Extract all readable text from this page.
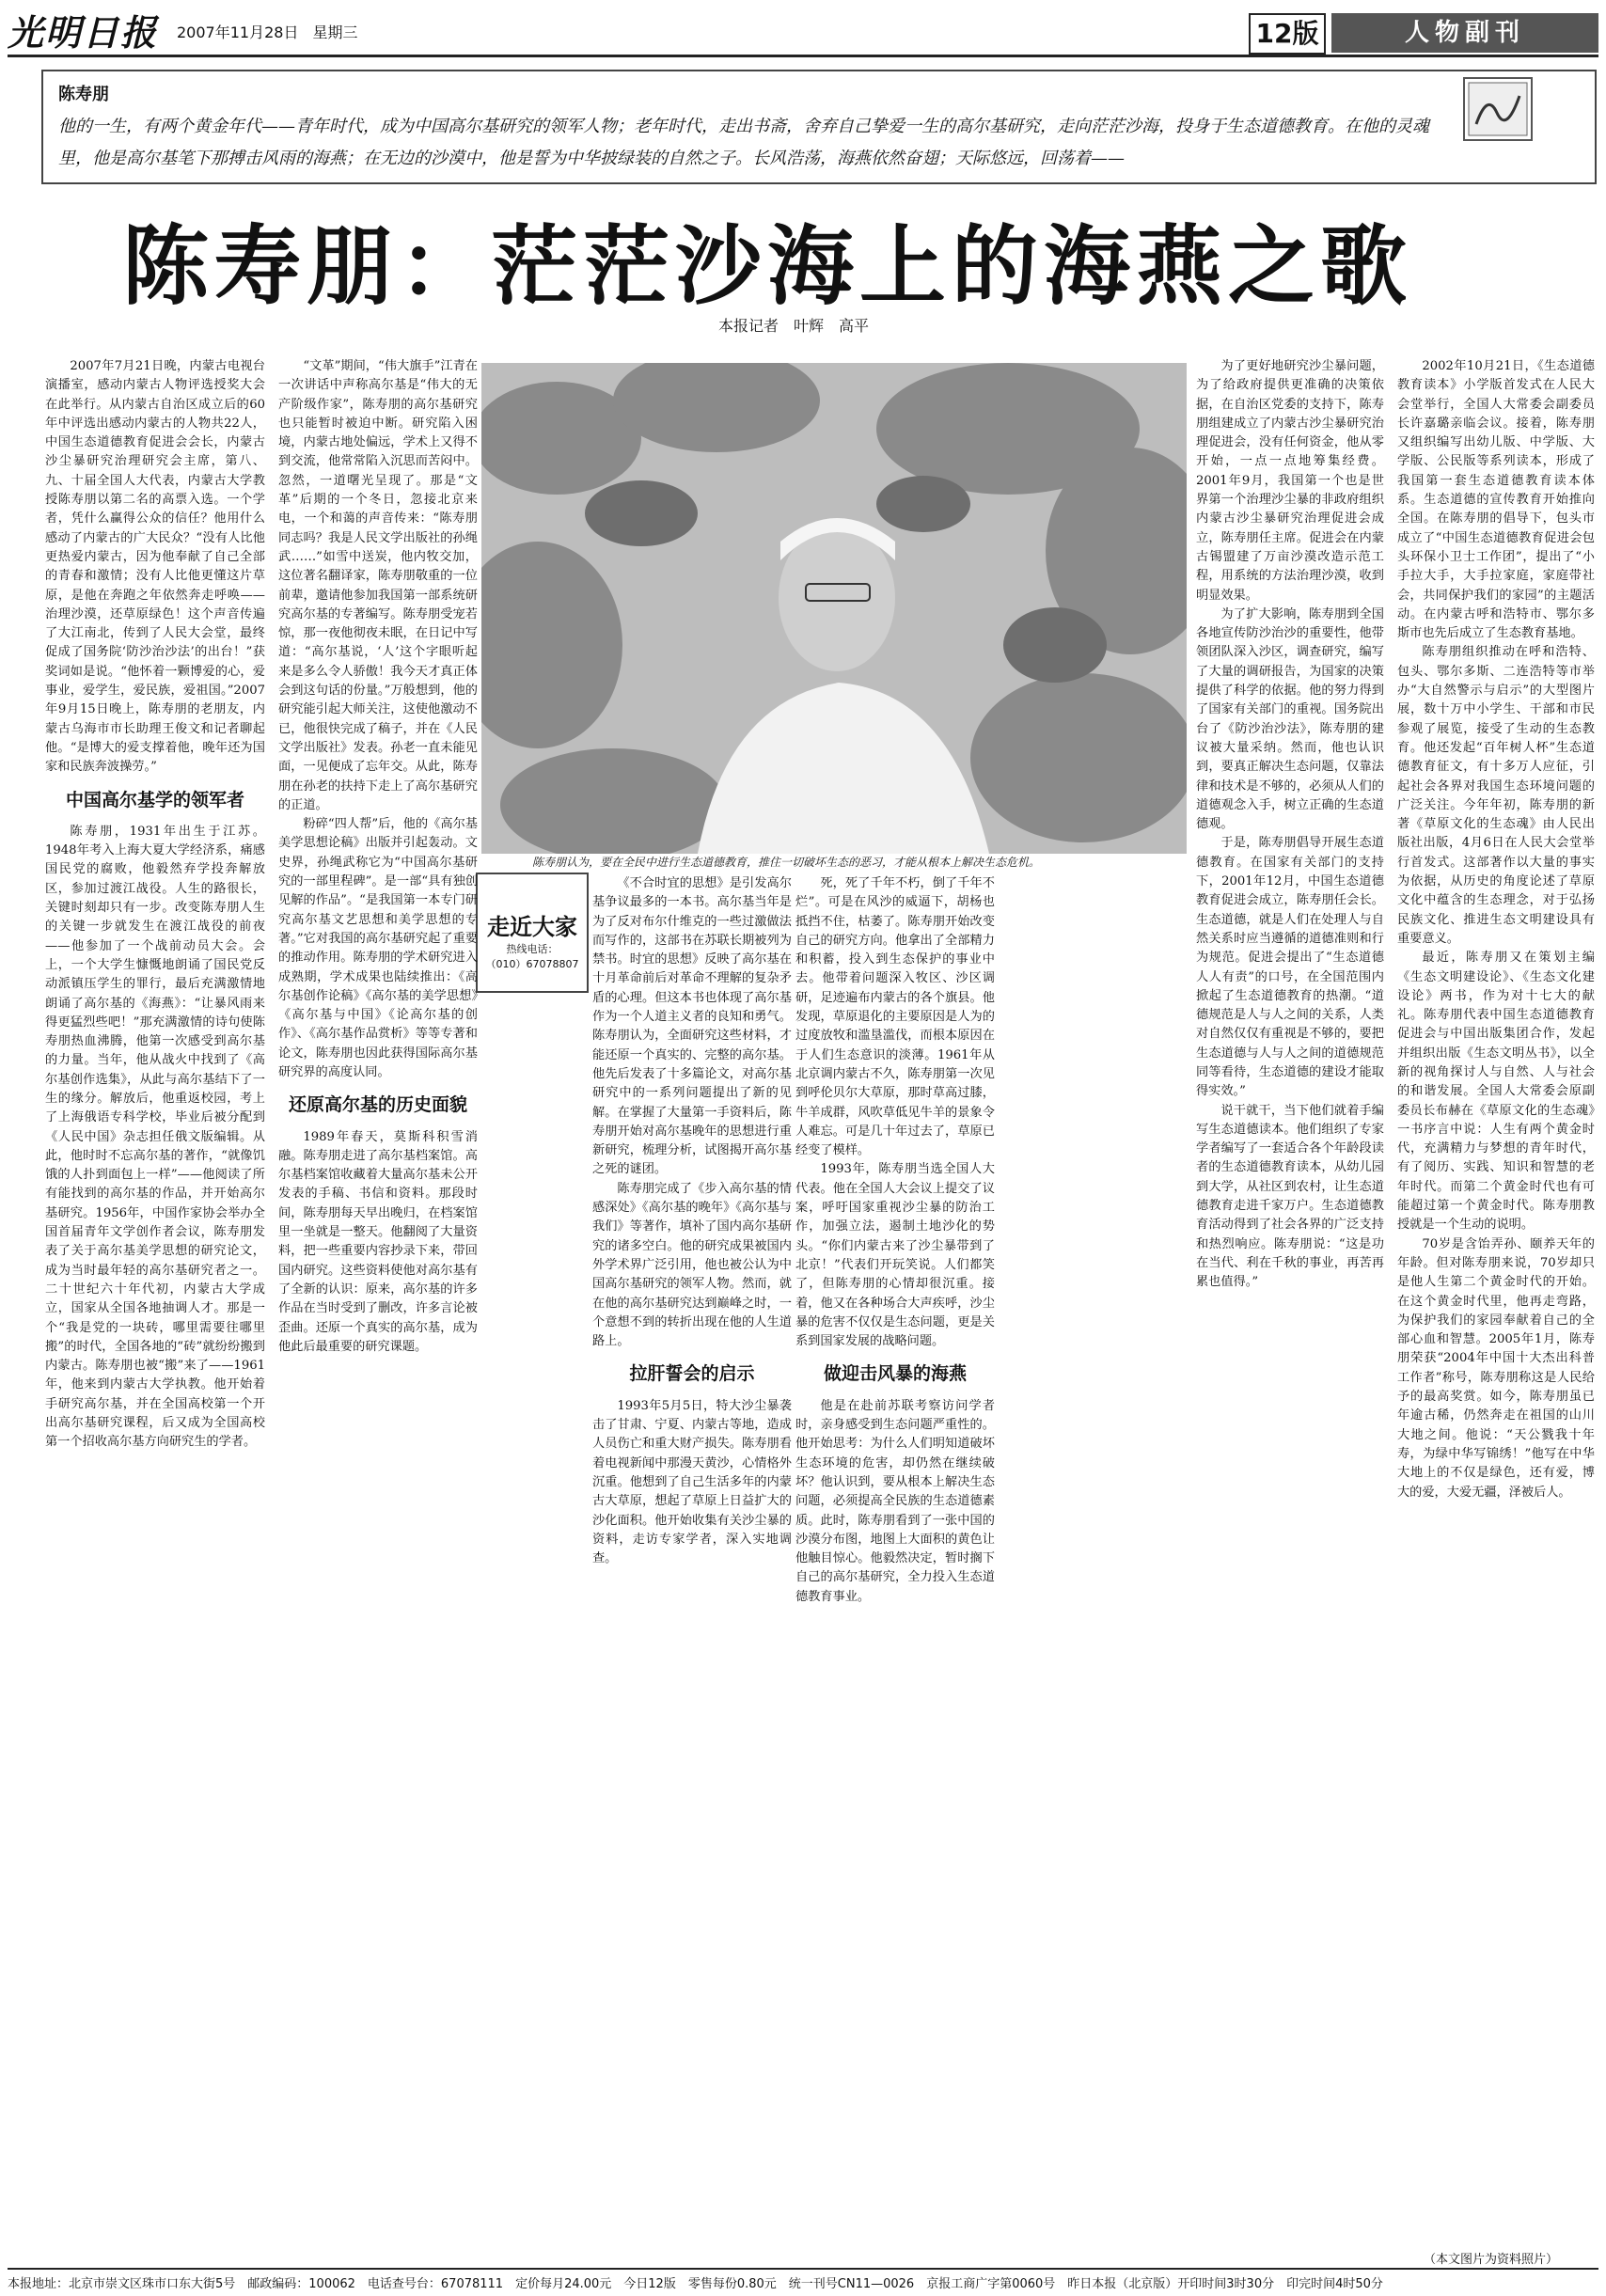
光明日报 2007年11月28日 星期三	12版	人物副刊
陈寿朋
他的一生，有两个黄金年代——青年时代，成为中国高尔基研究的领军人物；老年时代，走出书斋，舍弃自己挚爱一生的高尔基研究，走向茫茫沙海，投身于生态道德教育。在他的灵魂里，他是高尔基笔下那搏击风雨的海燕；在无边的沙漠中，他是誓为中华披绿装的自然之子。长风浩荡，海燕依然奋翅；天际悠远，回荡着——
陈寿朋：茫茫沙海上的海燕之歌
本报记者　叶辉　高平
陈寿朋认为，要在全民中进行生态道德教育，推住一切破坏生态的恶习，才能从根本上解决生态危机。
走近大家
热线电话：
（010）67078807

2007年7月21日晚，内蒙古电视台演播室，感动内蒙古人物评选授奖大会在此举行。从内蒙古自治区成立后的60年中评选出感动内蒙古的人物共22人，中国生态道德教育促进会会长，内蒙古沙尘暴研究治理研究会主席，第八、九、十届全国人大代表，内蒙古大学教授陈寿朋以第二名的高票入选。一个学者，凭什么赢得公众的信任？他用什么感动了内蒙古的广大民众？“没有人比他更热爱内蒙古，因为他奉献了自己全部的青春和激情；没有人比他更懂这片草原，是他在奔跑之年依然奔走呼唤——治理沙漠，还草原绿色！这个声音传遍了大江南北，传到了人民大会堂，最终促成了国务院‘防沙治沙法’的出台！”获奖词如是说。“他怀着一颗博爱的心，爱事业，爱学生，爱民族，爱祖国。”2007年9月15日晚上，陈寿朋的老朋友，内蒙古乌海市市长助理王俊文和记者聊起他。“是博大的爱支撑着他，晚年还为国家和民族奔波操劳。”

中国高尔基学的领军者

陈寿朋，1931年出生于江苏。1948年考入上海大夏大学经济系，痛感国民党的腐败，他毅然弃学投奔解放区，参加过渡江战役。人生的路很长，关键时刻却只有一步。改变陈寿朋人生的关键一步就发生在渡江战役的前夜——他参加了一个战前动员大会。会上，一个大学生慷慨地朗诵了国民党反动派镇压学生的罪行，最后充满激情地朗诵了高尔基的《海燕》：“让暴风雨来得更猛烈些吧！”那充满激情的诗句使陈寿朋热血沸腾，他第一次感受到高尔基的力量。当年，他从战火中找到了《高尔基创作选集》，从此与高尔基结下了一生的缘分。解放后，他重返校园，考上了上海俄语专科学校，毕业后被分配到《人民中国》杂志担任俄文版编辑。从此，他时时不忘高尔基的著作，“就像饥饿的人扑到面包上一样”——他阅读了所有能找到的高尔基的作品，并开始高尔基研究。1956年，中国作家协会举办全国首届青年文学创作者会议，陈寿朋发表了关于高尔基美学思想的研究论文，成为当时最年轻的高尔基研究者之一。二十世纪六十年代初，内蒙古大学成立，国家从全国各地抽调人才。那是一个“我是党的一块砖，哪里需要往哪里搬”的时代，全国各地的“砖”就纷纷搬到内蒙古。陈寿朋也被“搬”来了——1961年，他来到内蒙古大学执教。他开始着手研究高尔基，并在全国高校第一个开出高尔基研究课程，后又成为全国高校第一个招收高尔基方向研究生的学者。

“文革”期间，“伟大旗手”江青在一次讲话中声称高尔基是“伟大的无产阶级作家”，陈寿朋的高尔基研究也只能暂时被迫中断。研究陷入困境，内蒙古地处偏远，学术上又得不到交流，他常常陷入沉思而苦闷中。忽然，一道曙光呈现了。那是“文革”后期的一个冬日，忽接北京来电，一个和蔼的声音传来：“陈寿朋同志吗？我是人民文学出版社的孙绳武……”如雪中送炭，他内牧交加，这位著名翻译家，陈寿朋敬重的一位前辈，邀请他参加我国第一部系统研究高尔基的专著编写。陈寿朋受宠若惊，那一夜他彻夜未眠，在日记中写道：“高尔基说，‘人’这个字眼听起来是多么令人骄傲！我今天才真正体会到这句话的份量。”万般想到，他的研究能引起大师关注，这使他激动不已，他很快完成了稿子，并在《人民文学出版社》发表。孙老一直未能见面，一见便成了忘年交。从此，陈寿朋在孙老的扶持下走上了高尔基研究的正道。

粉碎“四人帮”后，他的《高尔基美学思想论稿》出版并引起轰动。文史界，孙绳武称它为“中国高尔基研究的一部里程碑”。是一部“具有独创见解的作品”。“是我国第一本专门研究高尔基文艺思想和美学思想的专著。”它对我国的高尔基研究起了重要的推动作用。陈寿朋的学术研究进入成熟期，学术成果也陆续推出：《高尔基创作论稿》《高尔基的美学思想》《高尔基与中国》《论高尔基的创作》、《高尔基作品赏析》等等专著和论文，陈寿朋也因此获得国际高尔基研究界的高度认同。

还原高尔基的历史面貌

1989年春天，莫斯科积雪消融。陈寿朋走进了高尔基档案馆。高尔基档案馆收藏着大量高尔基未公开发表的手稿、书信和资料。那段时间，陈寿朋每天早出晚归，在档案馆里一坐就是一整天。他翻阅了大量资料，把一些重要内容抄录下来，带回国内研究。这些资料使他对高尔基有了全新的认识：原来，高尔基的许多作品在当时受到了删改，许多言论被歪曲。还原一个真实的高尔基，成为他此后最重要的研究课题。

《不合时宜的思想》是引发高尔基争议最多的一本书。高尔基当年是为了反对布尔什维克的一些过激做法而写作的，这部书在苏联长期被列为禁书。时宜的思想》反映了高尔基在十月革命前后对革命不理解的复杂矛盾的心理。但这本书也体现了高尔基作为一个人道主义者的良知和勇气。陈寿朋认为，全面研究这些材料，才能还原一个真实的、完整的高尔基。他先后发表了十多篇论文，对高尔基研究中的一系列问题提出了新的见解。在掌握了大量第一手资料后，陈寿朋开始对高尔基晚年的思想进行重新研究，梳理分析，试图揭开高尔基之死的谜团。

陈寿朋完成了《步入高尔基的情感深处》《高尔基的晚年》《高尔基与我们》等著作，填补了国内高尔基研究的诸多空白。他的研究成果被国内外学术界广泛引用，他也被公认为中国高尔基研究的领军人物。然而，就在他的高尔基研究达到巅峰之时，一个意想不到的转折出现在他的人生道路上。

拉肝誓会的启示

1993年5月5日，特大沙尘暴袭击了甘肃、宁夏、内蒙古等地，造成人员伤亡和重大财产损失。陈寿朋看着电视新闻中那漫天黄沙，心情格外沉重。他想到了自己生活多年的内蒙古大草原，想起了草原上日益扩大的沙化面积。他开始收集有关沙尘暴的资料，走访专家学者，深入实地调查。

死，死了千年不朽，倒了千年不烂”。可是在风沙的威逼下，胡杨也抵挡不住，枯萎了。陈寿朋开始改变自己的研究方向。他拿出了全部精力和积蓄，投入到生态保护的事业中去。他带着问题深入牧区、沙区调研，足迹遍布内蒙古的各个旗县。他发现，草原退化的主要原因是人为的过度放牧和滥垦滥伐，而根本原因在于人们生态意识的淡薄。1961年从北京调内蒙古不久，陈寿朋第一次见到呼伦贝尔大草原，那时草高过膝，牛羊成群，风吹草低见牛羊的景象令人难忘。可是几十年过去了，草原已经变了模样。

1993年，陈寿朋当选全国人大代表。他在全国人大会议上提交了议案，呼吁国家重视沙尘暴的防治工作，加强立法，遏制土地沙化的势头。“你们内蒙古来了沙尘暴带到了北京！”代表们开玩笑说。人们都笑了，但陈寿朋的心情却很沉重。接着，他又在各种场合大声疾呼，沙尘暴的危害不仅仅是生态问题，更是关系到国家发展的战略问题。

做迎击风暴的海燕

他是在赴前苏联考察访问学者时，亲身感受到生态问题严重性的。他开始思考：为什么人们明知道破坏生态环境的危害，却仍然在继续破坏？他认识到，要从根本上解决生态问题，必须提高全民族的生态道德素质。此时，陈寿朋看到了一张中国的沙漠分布图，地图上大面积的黄色让他触目惊心。他毅然决定，暂时搁下自己的高尔基研究，全力投入生态道德教育事业。

为了更好地研究沙尘暴问题，为了给政府提供更准确的决策依据，在自治区党委的支持下，陈寿朋组建成立了内蒙古沙尘暴研究治理促进会，没有任何资金，他从零开始，一点一点地筹集经费。2001年9月，我国第一个也是世界第一个治理沙尘暴的非政府组织内蒙古沙尘暴研究治理促进会成立，陈寿朋任主席。促进会在内蒙古锡盟建了万亩沙漠改造示范工程，用系统的方法治理沙漠，收到明显效果。

为了扩大影响，陈寿朋到全国各地宣传防沙治沙的重要性，他带领团队深入沙区，调查研究，编写了大量的调研报告，为国家的决策提供了科学的依据。他的努力得到了国家有关部门的重视。国务院出台了《防沙治沙法》，陈寿朋的建议被大量采纳。然而，他也认识到，要真正解决生态问题，仅靠法律和技术是不够的，必须从人们的道德观念入手，树立正确的生态道德观。

于是，陈寿朋倡导开展生态道德教育。在国家有关部门的支持下，2001年12月，中国生态道德教育促进会成立，陈寿朋任会长。生态道德，就是人们在处理人与自然关系时应当遵循的道德准则和行为规范。促进会提出了“生态道德人人有责”的口号，在全国范围内掀起了生态道德教育的热潮。“道德规范是人与人之间的关系，人类对自然仅仅有重视是不够的，要把生态道德与人与人之间的道德规范同等看待，生态道德的建设才能取得实效。”

说干就干，当下他们就着手编写生态道德读本。他们组织了专家学者编写了一套适合各个年龄段读者的生态道德教育读本，从幼儿园到大学，从社区到农村，让生态道德教育走进千家万户。生态道德教育活动得到了社会各界的广泛支持和热烈响应。陈寿朋说：“这是功在当代、利在千秋的事业，再苦再累也值得。”

2002年10月21日，《生态道德教育读本》小学版首发式在人民大会堂举行，全国人大常委会副委员长许嘉璐亲临会议。接着，陈寿朋又组织编写出幼儿版、中学版、大学版、公民版等系列读本，形成了我国第一套生态道德教育读本体系。生态道德的宣传教育开始推向全国。在陈寿朋的倡导下，包头市成立了“中国生态道德教育促进会包头环保小卫士工作团”，提出了“小手拉大手，大手拉家庭，家庭带社会，共同保护我们的家园”的主题活动。在内蒙古呼和浩特市、鄂尔多斯市也先后成立了生态教育基地。

陈寿朋组织推动在呼和浩特、包头、鄂尔多斯、二连浩特等市举办“大自然警示与启示”的大型图片展，数十万中小学生、干部和市民参观了展览，接受了生动的生态教育。他还发起“百年树人杯”生态道德教育征文，有十多万人应征，引起社会各界对我国生态环境问题的广泛关注。今年年初，陈寿朋的新著《草原文化的生态魂》由人民出版社出版，4月6日在人民大会堂举行首发式。这部著作以大量的事实为依据，从历史的角度论述了草原文化中蕴含的生态理念，对于弘扬民族文化、推进生态文明建设具有重要意义。

最近，陈寿朋又在策划主编《生态文明建设论》、《生态文化建设论》两书，作为对十七大的献礼。陈寿朋代表中国生态道德教育促进会与中国出版集团合作，发起并组织出版《生态文明丛书》，以全新的视角探讨人与自然、人与社会的和谐发展。全国人大常委会原副委员长布赫在《草原文化的生态魂》一书序言中说：人生有两个黄金时代，充满精力与梦想的青年时代，有了阅历、实践、知识和智慧的老年时代。而第二个黄金时代也有可能超过第一个黄金时代。陈寿朋教授就是一个生动的说明。

70岁是含饴弄孙、颐养天年的年龄。但对陈寿朋来说，70岁却只是他人生第二个黄金时代的开始。在这个黄金时代里，他再走弯路，为保护我们的家园奉献着自己的全部心血和智慧。2005年1月，陈寿朋荣获“2004年中国十大杰出科普工作者”称号，陈寿朋称这是人民给予的最高奖赏。如今，陈寿朋虽已年逾古稀，仍然奔走在祖国的山川大地之间。他说：“天公戮我十年寿，为绿中华写锦绣！”他写在中华大地上的不仅是绿色，还有爱，博大的爱，大爱无疆，泽被后人。

（本文图片为资料照片）
本报地址：北京市崇文区珠市口东大街5号　邮政编码：100062　电话查号台：67078111　定价每月24.00元　今日12版　零售每份0.80元　统一刊号CN11—0026　京报工商广字第0060号　昨日本报（北京版）开印时间3时30分　印完时间4时50分
